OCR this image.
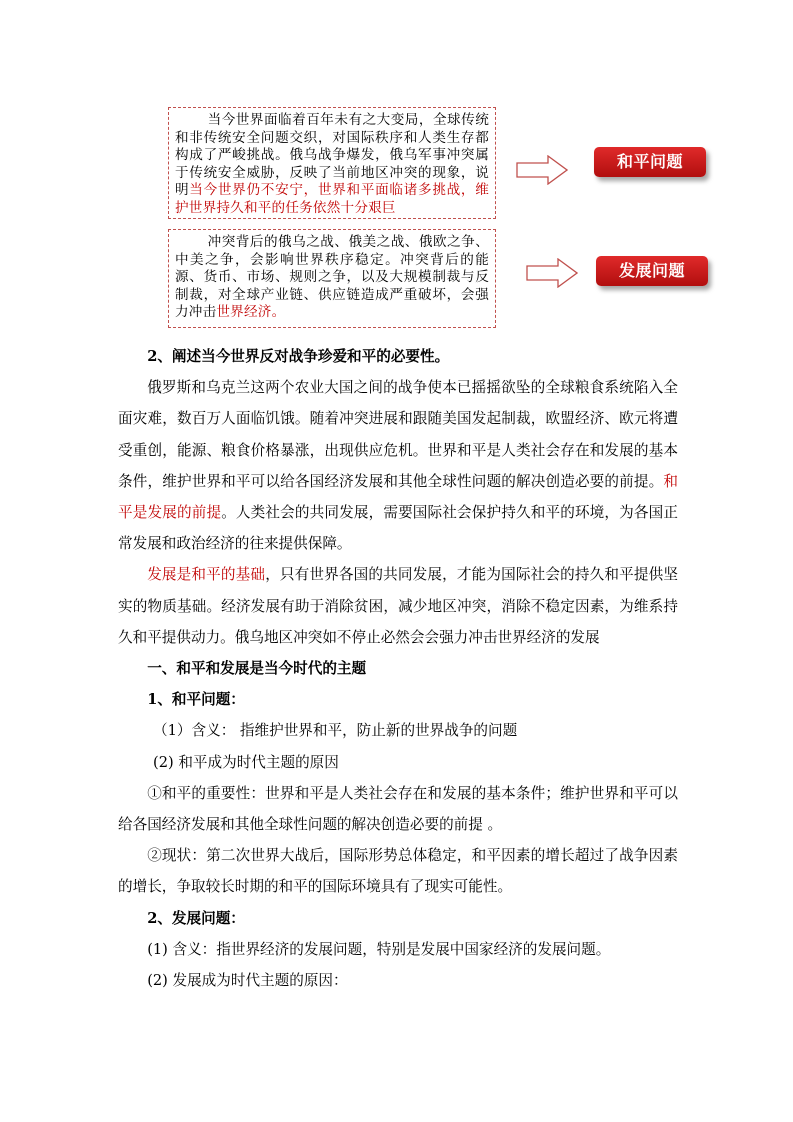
当今世界面临着百年未有之大变局，全球传统和非传统安全问题交织，对国际秩序和人类生存都构成了严峻挑战。俄乌战争爆发，俄乌军事冲突属于传统安全威胁，反映了当前地区冲突的现象，说明当今世界仍不安宁，世界和平面临诸多挑战，维护世界持久和平的任务依然十分艰巨

和平问题

冲突背后的俄乌之战、俄美之战、俄欧之争、中美之争，会影响世界秩序稳定。冲突背后的能源、货币、市场、规则之争，以及大规模制裁与反制裁，对全球产业链、供应链造成严重破坏，会强力冲击世界经济。

发展问题

2、阐述当今世界反对战争珍爱和平的必要性。

俄罗斯和乌克兰这两个农业大国之间的战争使本已摇摇欲坠的全球粮食系统陷入全面灾难，数百万人面临饥饿。随着冲突进展和跟随美国发起制裁，欧盟经济、欧元将遭受重创，能源、粮食价格暴涨，出现供应危机。世界和平是人类社会存在和发展的基本条件，维护世界和平可以给各国经济发展和其他全球性问题的解决创造必要的前提。和平是发展的前提。人类社会的共同发展，需要国际社会保护持久和平的环境，为各国正常发展和政治经济的往来提供保障。

发展是和平的基础，只有世界各国的共同发展，才能为国际社会的持久和平提供坚实的物质基础。经济发展有助于消除贫困，减少地区冲突，消除不稳定因素，为维系持久和平提供动力。俄乌地区冲突如不停止必然会会强力冲击世界经济的发展

一、和平和发展是当今时代的主题

1、和平问题：

（1）含义： 指维护世界和平，防止新的世界战争的问题

(2) 和平成为时代主题的原因

①和平的重要性：世界和平是人类社会存在和发展的基本条件；维护世界和平可以给各国经济发展和其他全球性问题的解决创造必要的前提 。

②现状：第二次世界大战后，国际形势总体稳定，和平因素的增长超过了战争因素的增长，争取较长时期的和平的国际环境具有了现实可能性。

2、发展问题：

(1) 含义：指世界经济的发展问题，特别是发展中国家经济的发展问题。

(2) 发展成为时代主题的原因：
